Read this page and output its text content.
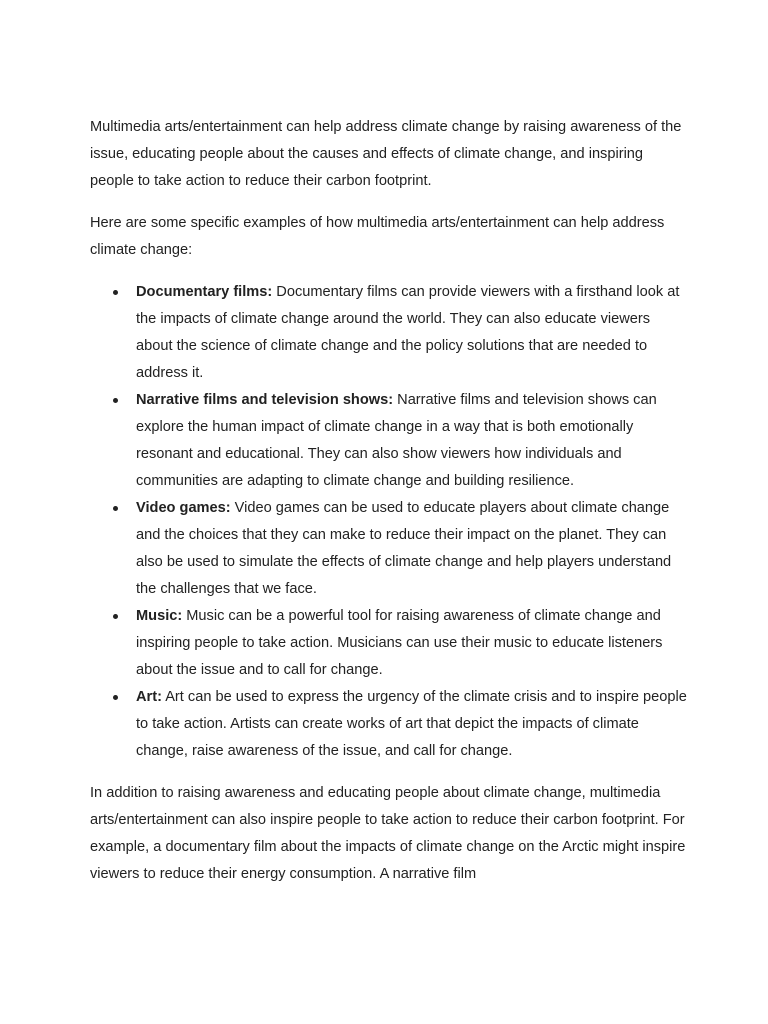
Multimedia arts/entertainment can help address climate change by raising awareness of the issue, educating people about the causes and effects of climate change, and inspiring people to take action to reduce their carbon footprint.

Here are some specific examples of how multimedia arts/entertainment can help address climate change:

Documentary films: Documentary films can provide viewers with a firsthand look at the impacts of climate change around the world. They can also educate viewers about the science of climate change and the policy solutions that are needed to address it.
Narrative films and television shows: Narrative films and television shows can explore the human impact of climate change in a way that is both emotionally resonant and educational. They can also show viewers how individuals and communities are adapting to climate change and building resilience.
Video games: Video games can be used to educate players about climate change and the choices that they can make to reduce their impact on the planet. They can also be used to simulate the effects of climate change and help players understand the challenges that we face.
Music: Music can be a powerful tool for raising awareness of climate change and inspiring people to take action. Musicians can use their music to educate listeners about the issue and to call for change.
Art: Art can be used to express the urgency of the climate crisis and to inspire people to take action. Artists can create works of art that depict the impacts of climate change, raise awareness of the issue, and call for change.

In addition to raising awareness and educating people about climate change, multimedia arts/entertainment can also inspire people to take action to reduce their carbon footprint. For example, a documentary film about the impacts of climate change on the Arctic might inspire viewers to reduce their energy consumption. A narrative film
